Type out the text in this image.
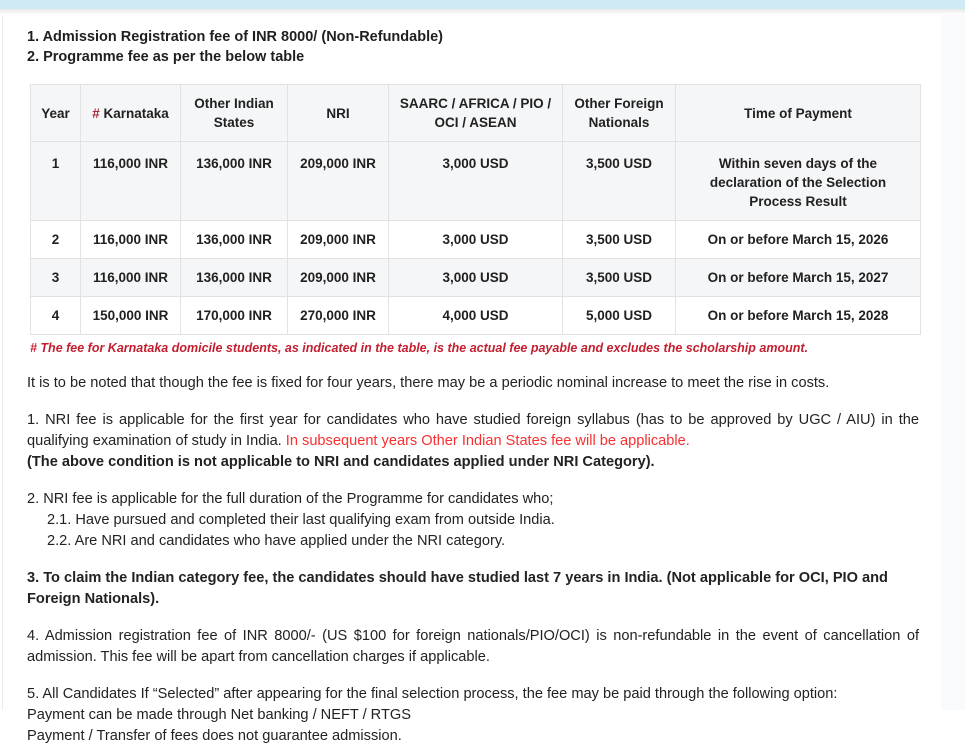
1. Admission Registration fee of INR 8000/ (Non-Refundable)

2. Programme fee as per the below table

Year	# Karnataka	Other Indian States	NRI	SAARC / AFRICA / PIO / OCI / ASEAN	Other Foreign Nationals	Time of Payment
1	116,000 INR	136,000 INR	209,000 INR	3,000 USD	3,500 USD	Within seven days of the declaration of the Selection Process Result
2	116,000 INR	136,000 INR	209,000 INR	3,000 USD	3,500 USD	On or before March 15, 2026
3	116,000 INR	136,000 INR	209,000 INR	3,000 USD	3,500 USD	On or before March 15, 2027
4	150,000 INR	170,000 INR	270,000 INR	4,000 USD	5,000 USD	On or before March 15, 2028
# The fee for Karnataka domicile students, as indicated in the table, is the actual fee payable and excludes the scholarship amount.

It is to be noted that though the fee is fixed for four years, there may be a periodic nominal increase to meet the rise in costs.

1. NRI fee is applicable for the first year for candidates who have studied foreign syllabus (has to be approved by UGC / AIU) in the qualifying examination of study in India. In subsequent years Other Indian States fee will be applicable.
(The above condition is not applicable to NRI and candidates applied under NRI Category).

2. NRI fee is applicable for the full duration of the Programme for candidates who;

2.1. Have pursued and completed their last qualifying exam from outside India.

2.2. Are NRI and candidates who have applied under the NRI category.

3. To claim the Indian category fee, the candidates should have studied last 7 years in India. (Not applicable for OCI, PIO and Foreign Nationals).

4. Admission registration fee of INR 8000/- (US $100 for foreign nationals/PIO/OCI) is non-refundable in the event of cancellation of admission. This fee will be apart from cancellation charges if applicable.

5. All Candidates If “Selected” after appearing for the final selection process, the fee may be paid through the following option:

Payment can be made through Net banking / NEFT / RTGS

Payment / Transfer of fees does not guarantee admission.
